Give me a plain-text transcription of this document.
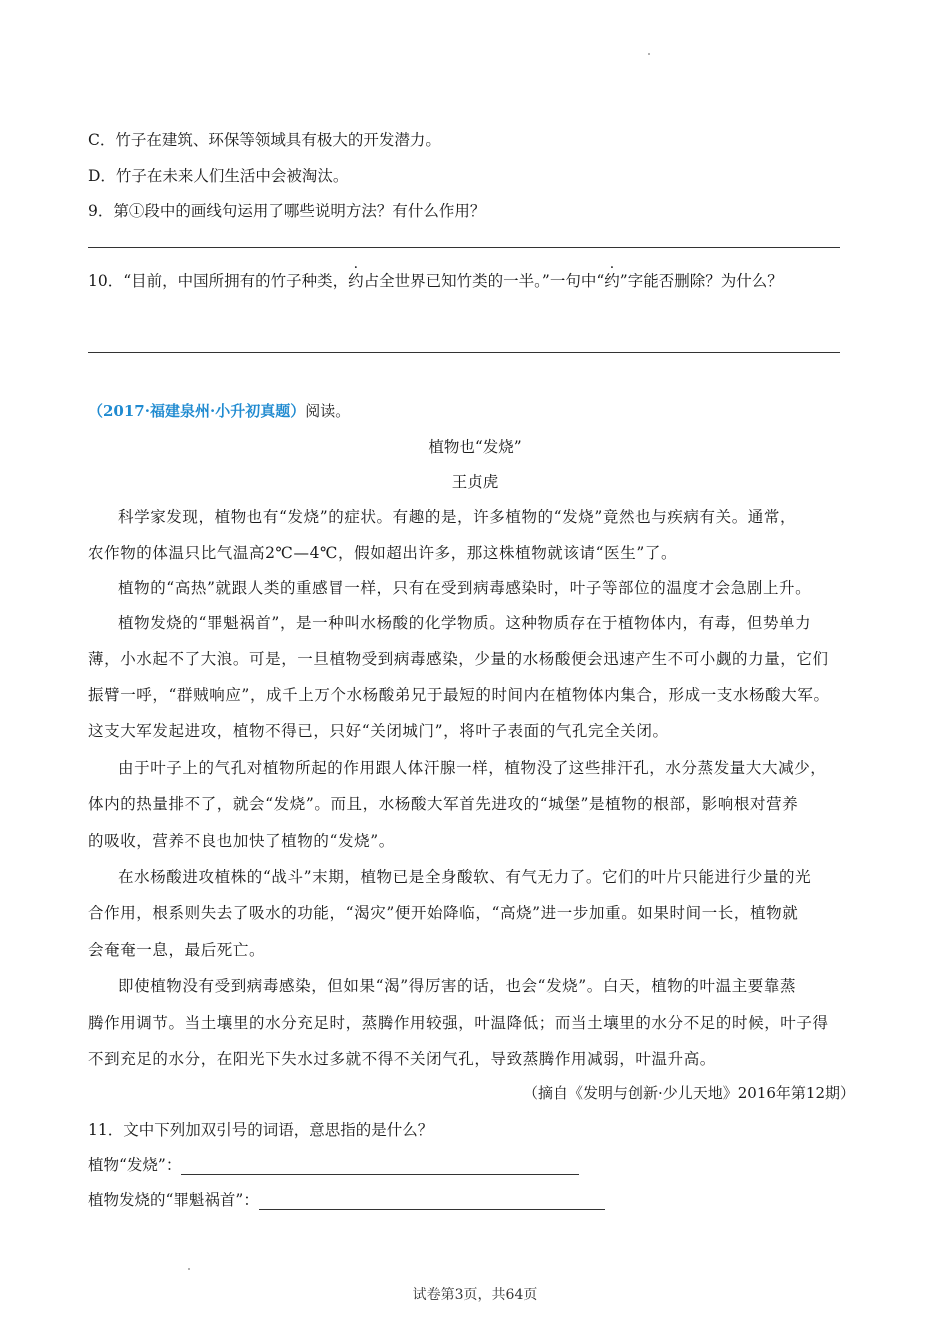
C．竹子在建筑、环保等领域具有极大的开发潜力。
D．竹子在未来人们生活中会被淘汰。
9．第①段中的画线句运用了哪些说明方法？有什么作用？
10．“目前，中国所拥有的竹子种类，约占全世界已知竹类的一半。”一句中“约”字能否删除？为什么？
（2017·福建泉州·小升初真题）阅读。
植物也“发烧”
王贞虎
科学家发现，植物也有“发烧”的症状。有趣的是，许多植物的“发烧”竟然也与疾病有关。通常，
农作物的体温只比气温高2℃—4℃，假如超出许多，那这株植物就该请“医生”了。
植物的“高热”就跟人类的重感冒一样，只有在受到病毒感染时，叶子等部位的温度才会急剧上升。
植物发烧的“罪魁祸首”，是一种叫水杨酸的化学物质。这种物质存在于植物体内，有毒，但势单力
薄，小水起不了大浪。可是，一旦植物受到病毒感染，少量的水杨酸便会迅速产生不可小觑的力量，它们
振臂一呼，“群贼响应”，成千上万个水杨酸弟兄于最短的时间内在植物体内集合，形成一支水杨酸大军。
这支大军发起进攻，植物不得已，只好“关闭城门”，将叶子表面的气孔完全关闭。
由于叶子上的气孔对植物所起的作用跟人体汗腺一样，植物没了这些排汗孔，水分蒸发量大大减少，
体内的热量排不了，就会“发烧”。而且，水杨酸大军首先进攻的“城堡”是植物的根部，影响根对营养
的吸收，营养不良也加快了植物的“发烧”。
在水杨酸进攻植株的“战斗”末期，植物已是全身酸软、有气无力了。它们的叶片只能进行少量的光
合作用，根系则失去了吸水的功能，“渴灾”便开始降临，“高烧”进一步加重。如果时间一长，植物就
会奄奄一息，最后死亡。
即使植物没有受到病毒感染，但如果“渴”得厉害的话，也会“发烧”。白天，植物的叶温主要靠蒸
腾作用调节。当土壤里的水分充足时，蒸腾作用较强，叶温降低；而当土壤里的水分不足的时候，叶子得
不到充足的水分，在阳光下失水过多就不得不关闭气孔，导致蒸腾作用减弱，叶温升高。
（摘自《发明与创新·少儿天地》2016年第12期）
11．文中下列加双引号的词语，意思指的是什么？
植物“发烧”：
植物发烧的“罪魁祸首”：
试卷第3页，共64页
